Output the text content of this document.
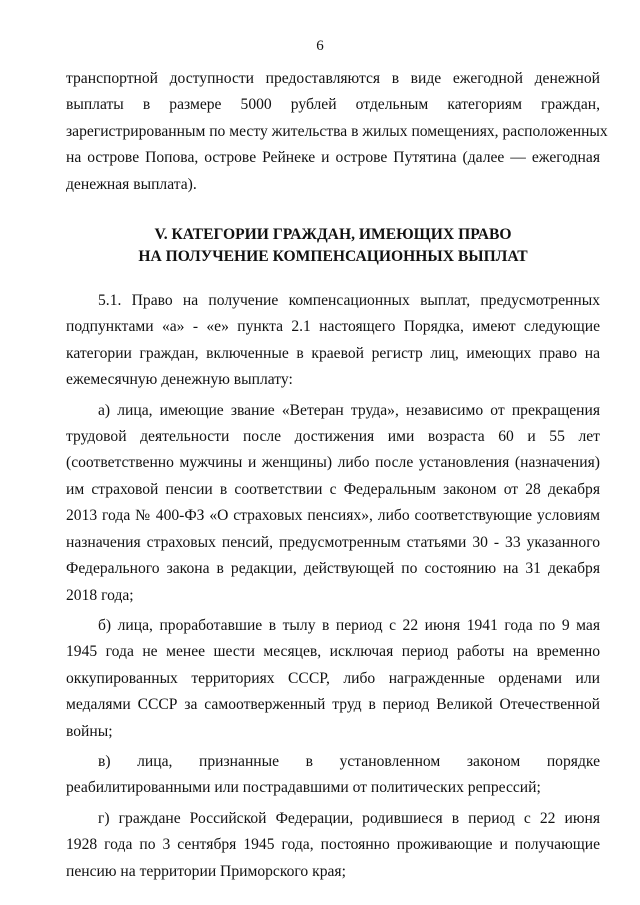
6
транспортной доступности предоставляются в виде ежегодной денежной
выплаты в размере 5000 рублей отдельным категориям граждан,
зарегистрированным по месту жительства в жилых помещениях, расположенных
на острове Попова, острове Рейнеке и острове Путятина (далее — ежегодная
денежная выплата).
V. КАТЕГОРИИ ГРАЖДАН, ИМЕЮЩИХ ПРАВО
НА ПОЛУЧЕНИЕ КОМПЕНСАЦИОННЫХ ВЫПЛАТ
5.1. Право на получение компенсационных выплат, предусмотренных
подпунктами «а» - «е» пункта 2.1 настоящего Порядка, имеют следующие
категории граждан, включенные в краевой регистр лиц, имеющих право на
ежемесячную денежную выплату:
а) лица, имеющие звание «Ветеран труда», независимо от прекращения
трудовой деятельности после достижения ими возраста 60 и 55 лет
(соответственно мужчины и женщины) либо после установления (назначения)
им страховой пенсии в соответствии с Федеральным законом от 28 декабря
2013 года № 400-ФЗ «О страховых пенсиях», либо соответствующие условиям
назначения страховых пенсий, предусмотренным статьями 30 - 33 указанного
Федерального закона в редакции, действующей по состоянию на 31 декабря
2018 года;
б) лица, проработавшие в тылу в период с 22 июня 1941 года по 9 мая
1945 года не менее шести месяцев, исключая период работы на временно
оккупированных территориях СССР, либо награжденные орденами или
медалями СССР за самоотверженный труд в период Великой Отечественной
войны;
в) лица, признанные в установленном законом порядке
реабилитированными или пострадавшими от политических репрессий;
г) граждане Российской Федерации, родившиеся в период с 22 июня
1928 года по 3 сентября 1945 года, постоянно проживающие и получающие
пенсию на территории Приморского края;
